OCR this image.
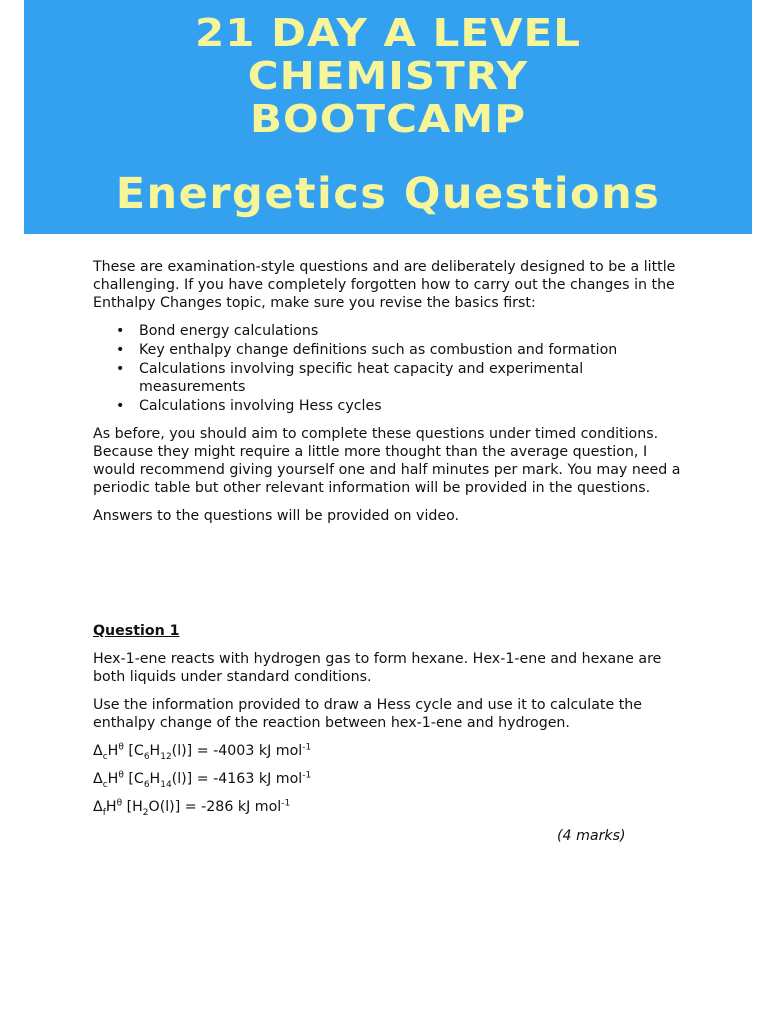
21 DAY A LEVEL
CHEMISTRY
BOOTCAMP
Energetics Questions

These are examination-style questions and are deliberately designed to be a little challenging. If you have completely forgotten how to carry out the changes in the Enthalpy Changes topic, make sure you revise the basics first:

• Bond energy calculations
• Key enthalpy change definitions such as combustion and formation
• Calculations involving specific heat capacity and experimental measurements
• Calculations involving Hess cycles

As before, you should aim to complete these questions under timed conditions. Because they might require a little more thought than the average question, I would recommend giving yourself one and half minutes per mark. You may need a periodic table but other relevant information will be provided in the questions.

Answers to the questions will be provided on video.

Question 1

Hex-1-ene reacts with hydrogen gas to form hexane. Hex-1-ene and hexane are both liquids under standard conditions.

Use the information provided to draw a Hess cycle and use it to calculate the enthalpy change of the reaction between hex-1-ene and hydrogen.

$\Delta_cH^\theta$ $[C_6H_{12}(l)] = -4003$ kJ mol$^{-1}$
$\Delta_cH^\theta$ $[C_6H_{14}(l)] = -4163$ kJ mol$^{-1}$
$\Delta_fH^\theta$ $[H_2O(l)] = -286$ kJ mol$^{-1}$
(4 marks)
